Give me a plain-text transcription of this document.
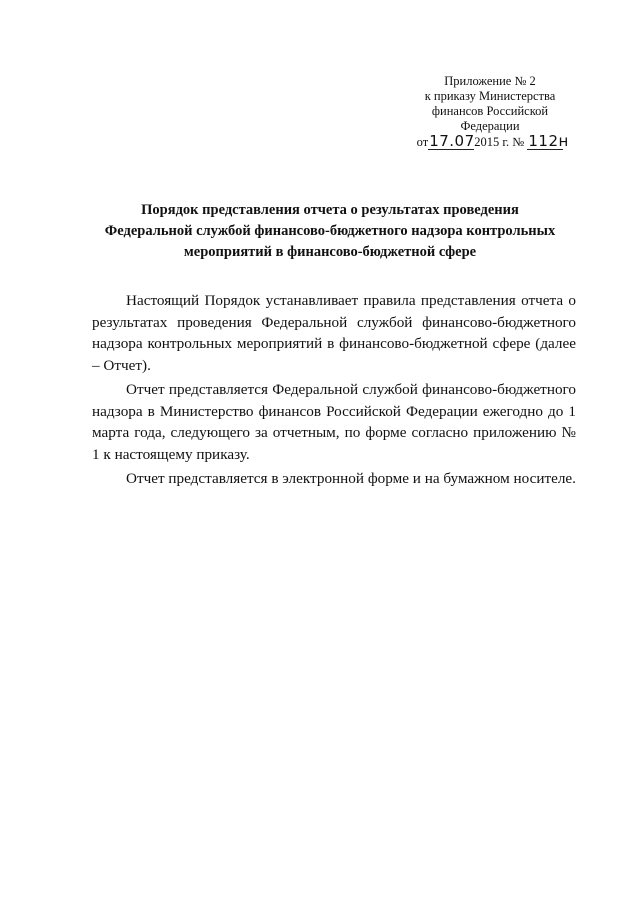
Приложение № 2
к приказу Министерства
финансов Российской
Федерации
от17.072015 г. № 112н
Порядок представления отчета о результатах проведения
Федеральной службой финансово-бюджетного надзора контрольных
мероприятий в финансово-бюджетной сфере

Настоящий Порядок устанавливает правила представления отчета о результатах проведения Федеральной службой финансово-бюджетного надзора контрольных мероприятий в финансово-бюджетной сфере (далее – Отчет).

Отчет представляется Федеральной службой финансово-бюджетного надзора в Министерство финансов Российской Федерации ежегодно до 1 марта года, следующего за отчетным, по форме согласно приложению № 1 к настоящему приказу.

Отчет представляется в электронной форме и на бумажном носителе.
